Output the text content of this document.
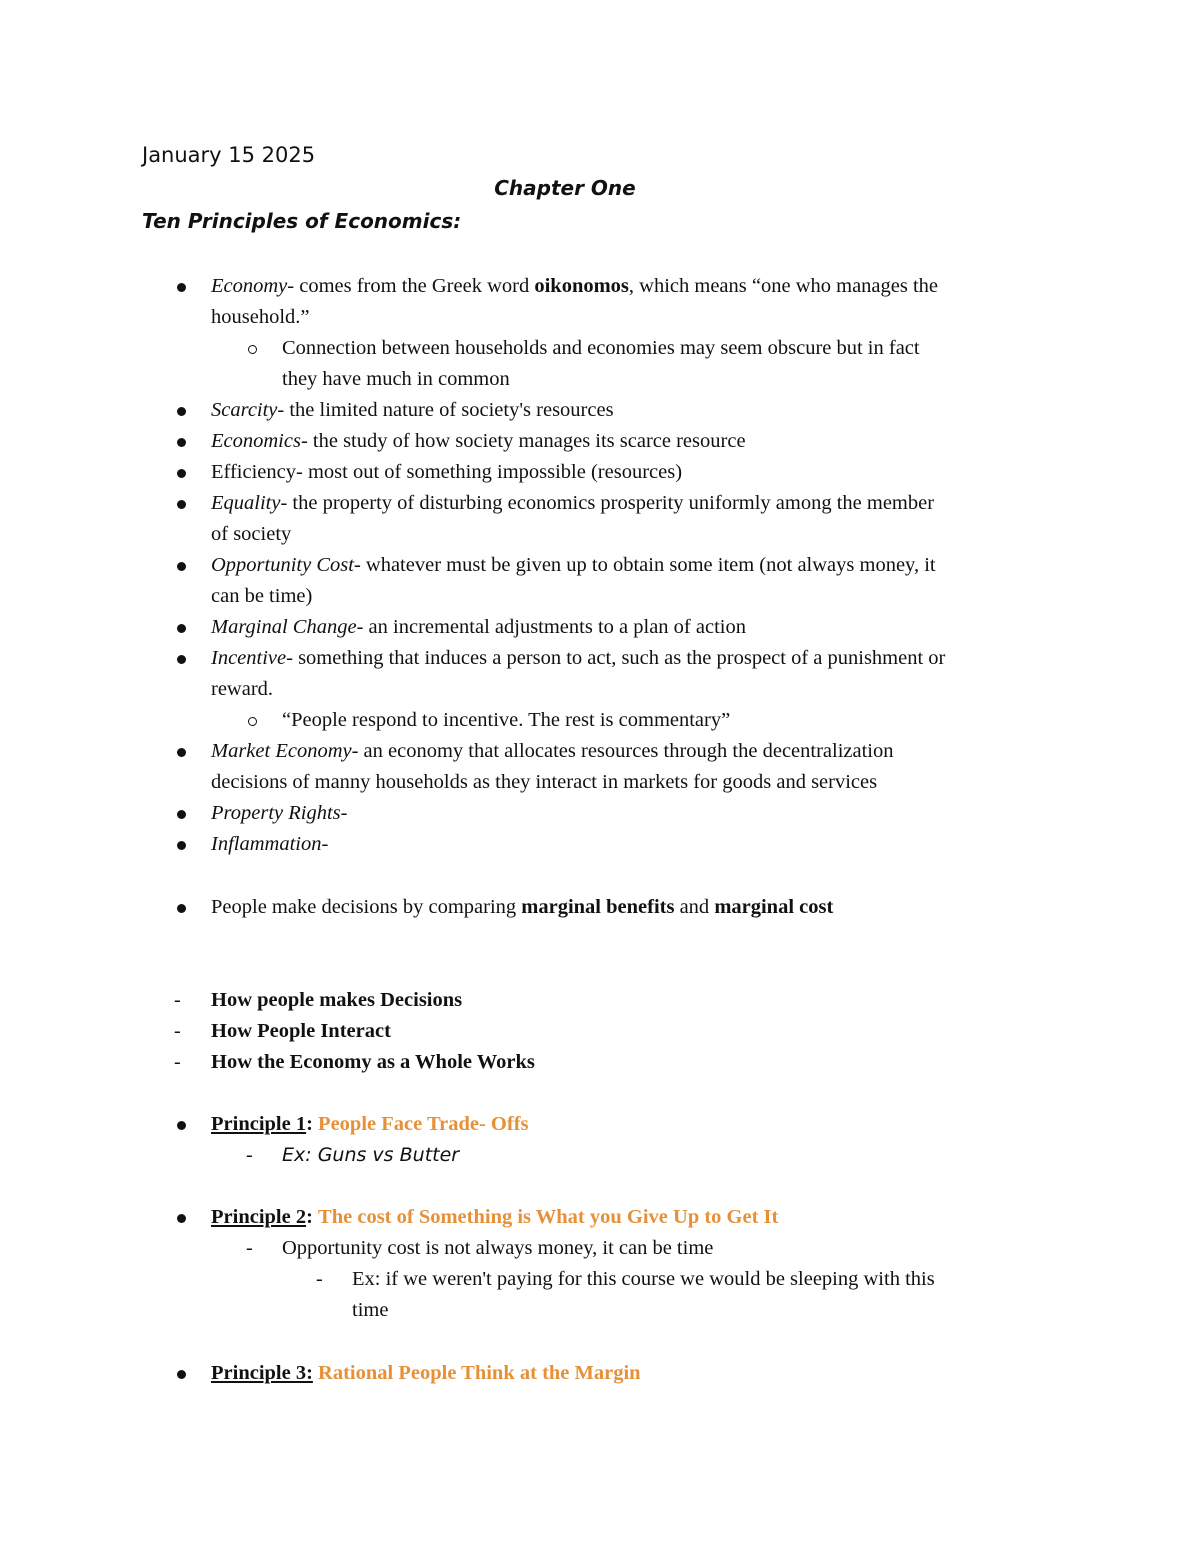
January 15 2025
Chapter One
Ten Principles of Economics:
Economy- comes from the Greek word oikonomos, which means “one who manages the
household.”
Connection between households and economies may seem obscure but in fact
they have much in common
Scarcity- the limited nature of society's resources
Economics- the study of how society manages its scarce resource
Efficiency- most out of something impossible (resources)
Equality- the property of disturbing economics prosperity uniformly among the member
of society
Opportunity Cost- whatever must be given up to obtain some item (not always money, it
can be time)
Marginal Change- an incremental adjustments to a plan of action
Incentive- something that induces a person to act, such as the prospect of a punishment or
reward.
“People respond to incentive. The rest is commentary”
Market Economy- an economy that allocates resources through the decentralization
decisions of manny households as they interact in markets for goods and services
Property Rights-
Inflammation-
People make decisions by comparing marginal benefits and marginal cost
- How people makes Decisions
- How People Interact
- How the Economy as a Whole Works
Principle 1: People Face Trade- Offs
- Ex: Guns vs Butter
Principle 2: The cost of Something is What you Give Up to Get It
- Opportunity cost is not always money, it can be time
- Ex: if we weren't paying for this course we would be sleeping with this
time
Principle 3: Rational People Think at the Margin
